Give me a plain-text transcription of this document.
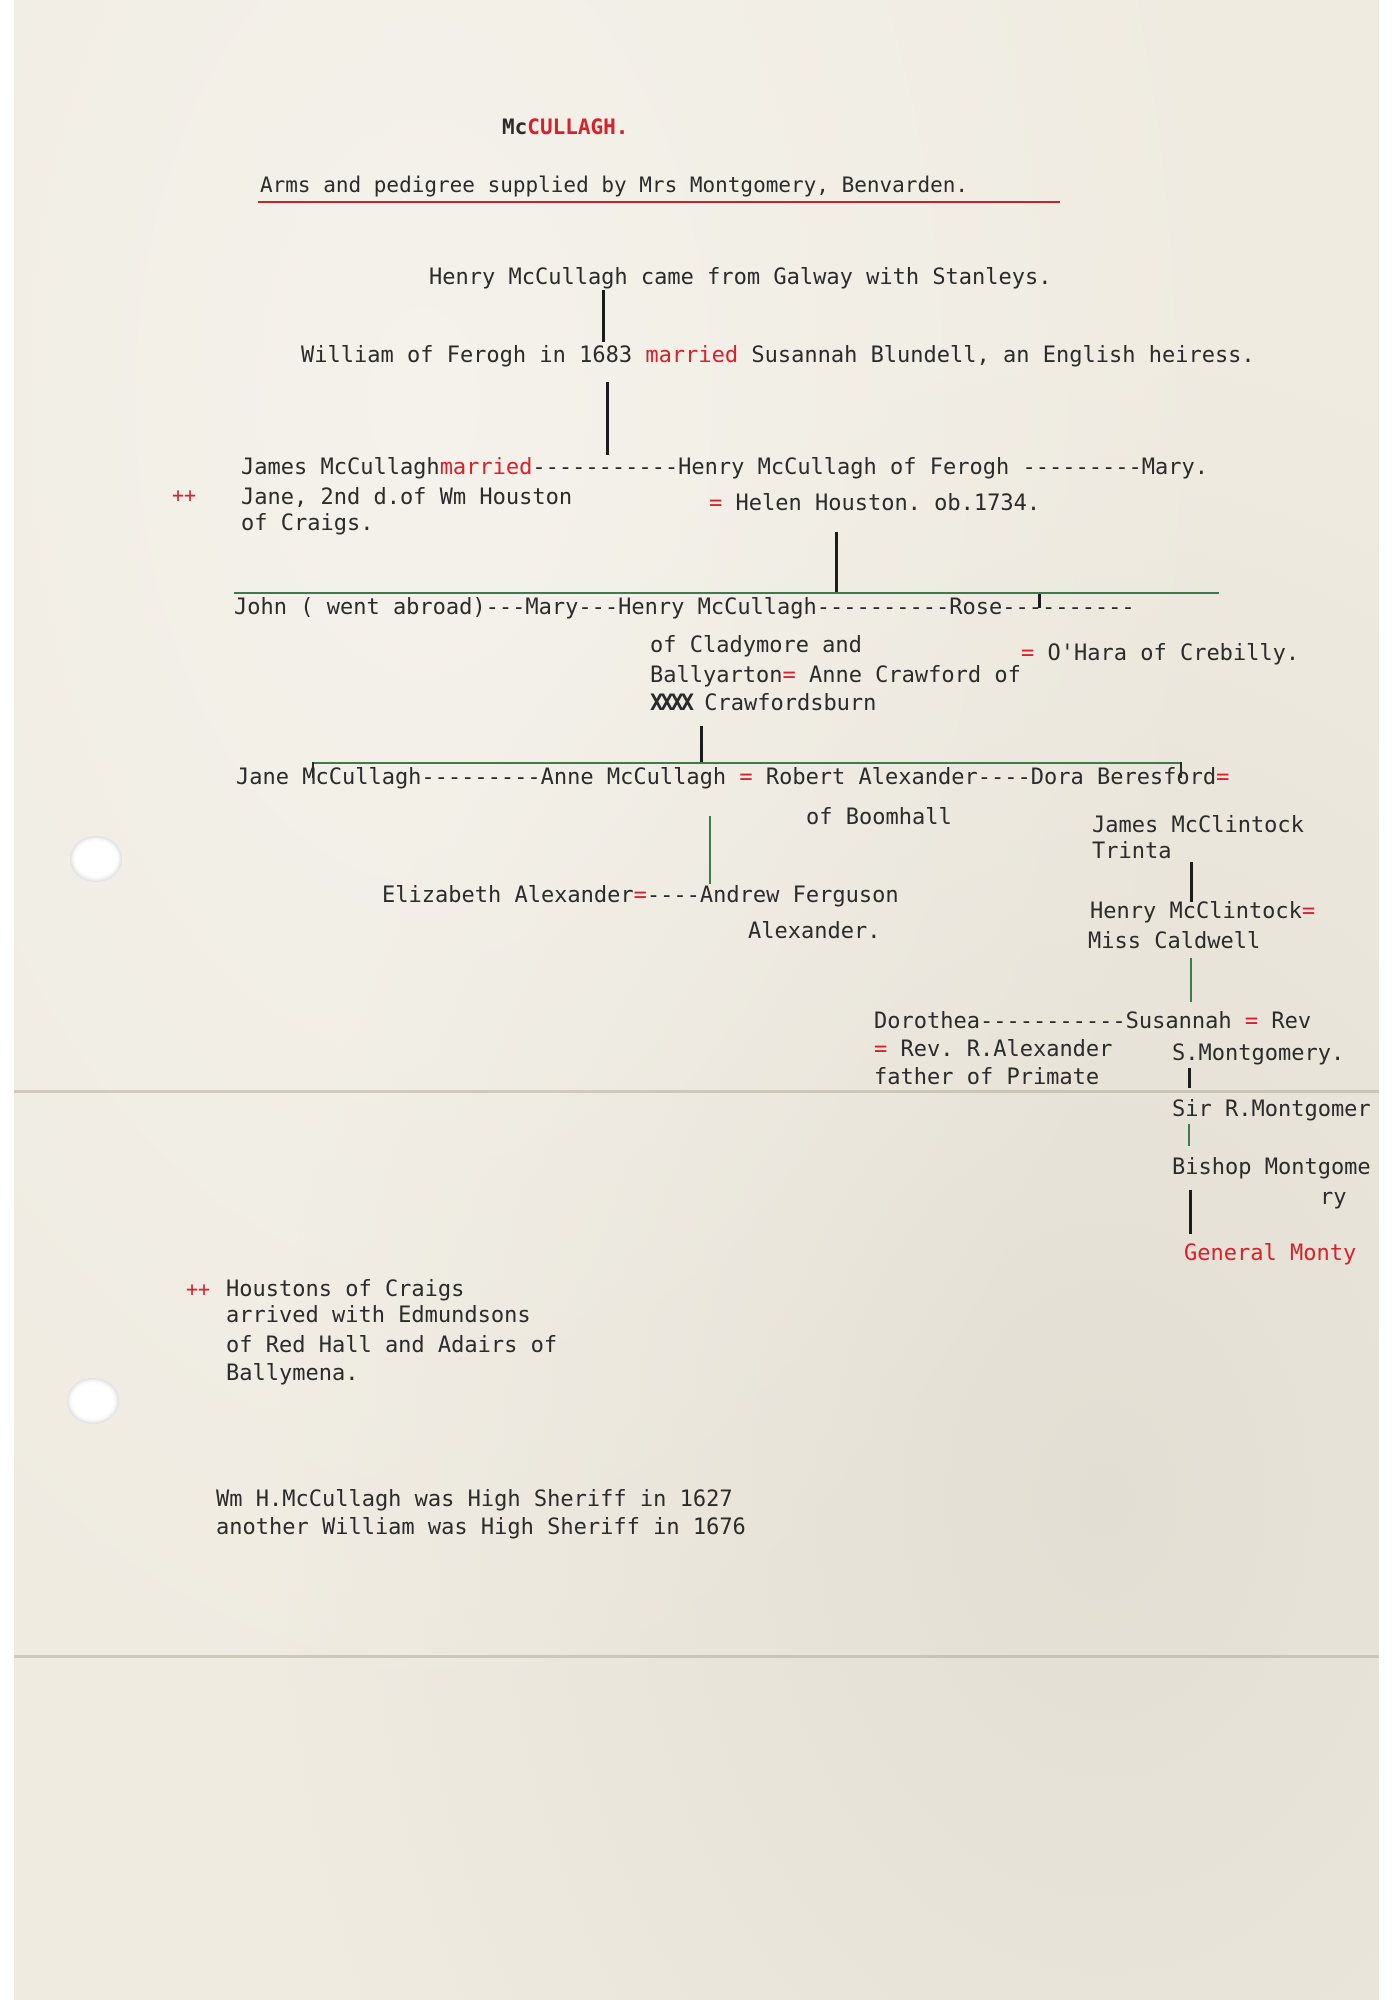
McCULLAGH.
Arms and pedigree supplied by Mrs Montgomery, Benvarden.
Henry McCullagh came from Galway with Stanleys.
William of Ferogh in 1683 married Susannah Blundell, an English heiress.
++
James McCullaghmarried-----------Henry McCullagh of Ferogh ---------Mary.
Jane, 2nd d.of Wm Houston
of Craigs.
= Helen Houston. ob.1734.
John ( went abroad)---Mary---Henry McCullagh----------Rose----------
of Cladymore and
Ballyarton= Anne Crawford of
XXXX Crawfordsburn
= O'Hara of Crebilly.
Jane McCullagh---------Anne McCullagh = Robert Alexander----Dora Beresford=
of Boomhall	James McClintock
Trinta
Elizabeth Alexander=----Andrew Ferguson
Alexander.
Henry McClintock=
Miss Caldwell
Dorothea-----------Susannah = Rev
= Rev. R.Alexander
father of Primate
S.Montgomery.
Sir R.Montgomer
Bishop Montgome
ry
General Monty
++ Houstons of Craigs
arrived with Edmundsons
of Red Hall and Adairs of
Ballymena.
Wm H.McCullagh was High Sheriff in 1627
another William was High Sheriff in 1676
